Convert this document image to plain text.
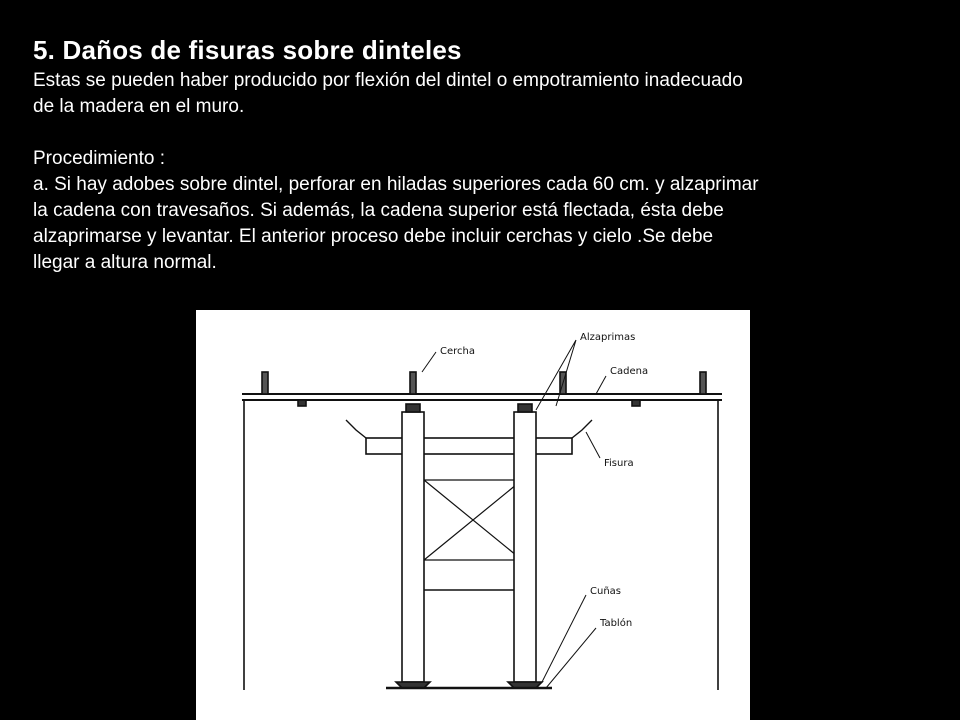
5. Daños de fisuras sobre dinteles

Estas se pueden haber producido por flexión del dintel o empotramiento inadecuado

de la madera en el muro.

Procedimiento :

a. Si hay adobes sobre dintel, perforar en hiladas superiores cada 60 cm. y alzaprimar

la cadena con travesaños. Si además, la cadena superior está flectada, ésta debe

alzaprimarse y levantar. El anterior proceso debe incluir cerchas y cielo .Se debe

llegar a altura normal.

Cercha
Alzaprimas
Cadena
Fisura
Cuñas
Tablón
